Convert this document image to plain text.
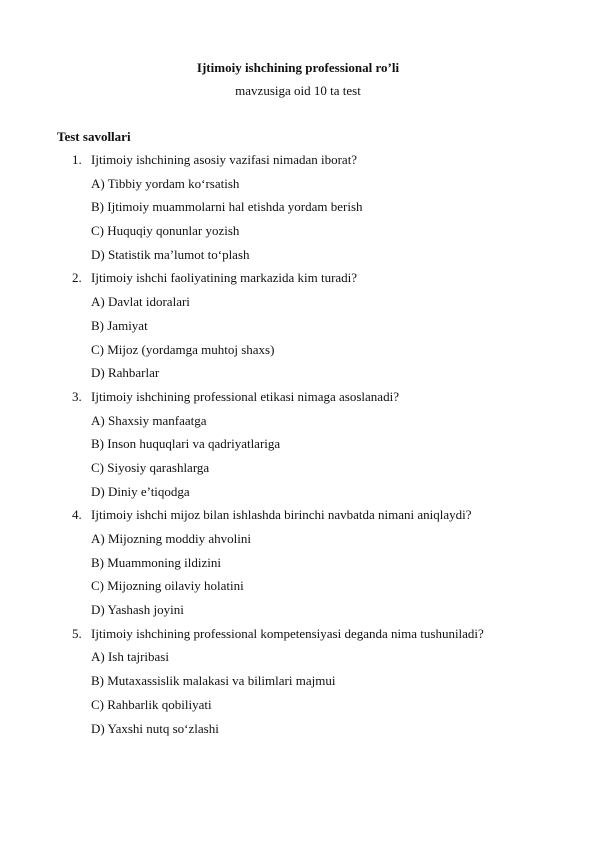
Ijtimoiy ishchining professional ro’li
mavzusiga oid 10 ta test
Test savollari
1. Ijtimoiy ishchining asosiy vazifasi nimadan iborat?
A) Tibbiy yordam ko‘rsatish
B) Ijtimoiy muammolarni hal etishda yordam berish
C) Huquqiy qonunlar yozish
D) Statistik ma’lumot to‘plash
2. Ijtimoiy ishchi faoliyatining markazida kim turadi?
A) Davlat idoralari
B) Jamiyat
C) Mijoz (yordamga muhtoj shaxs)
D) Rahbarlar
3. Ijtimoiy ishchining professional etikasi nimaga asoslanadi?
A) Shaxsiy manfaatga
B) Inson huquqlari va qadriyatlariga
C) Siyosiy qarashlarga
D) Diniy e’tiqodga
4. Ijtimoiy ishchi mijoz bilan ishlashda birinchi navbatda nimani aniqlaydi?
A) Mijozning moddiy ahvolini
B) Muammoning ildizini
C) Mijozning oilaviy holatini
D) Yashash joyini
5. Ijtimoiy ishchining professional kompetensiyasi deganda nima tushuniladi?
A) Ish tajribasi
B) Mutaxassislik malakasi va bilimlari majmui
C) Rahbarlik qobiliyati
D) Yaxshi nutq so‘zlashi
